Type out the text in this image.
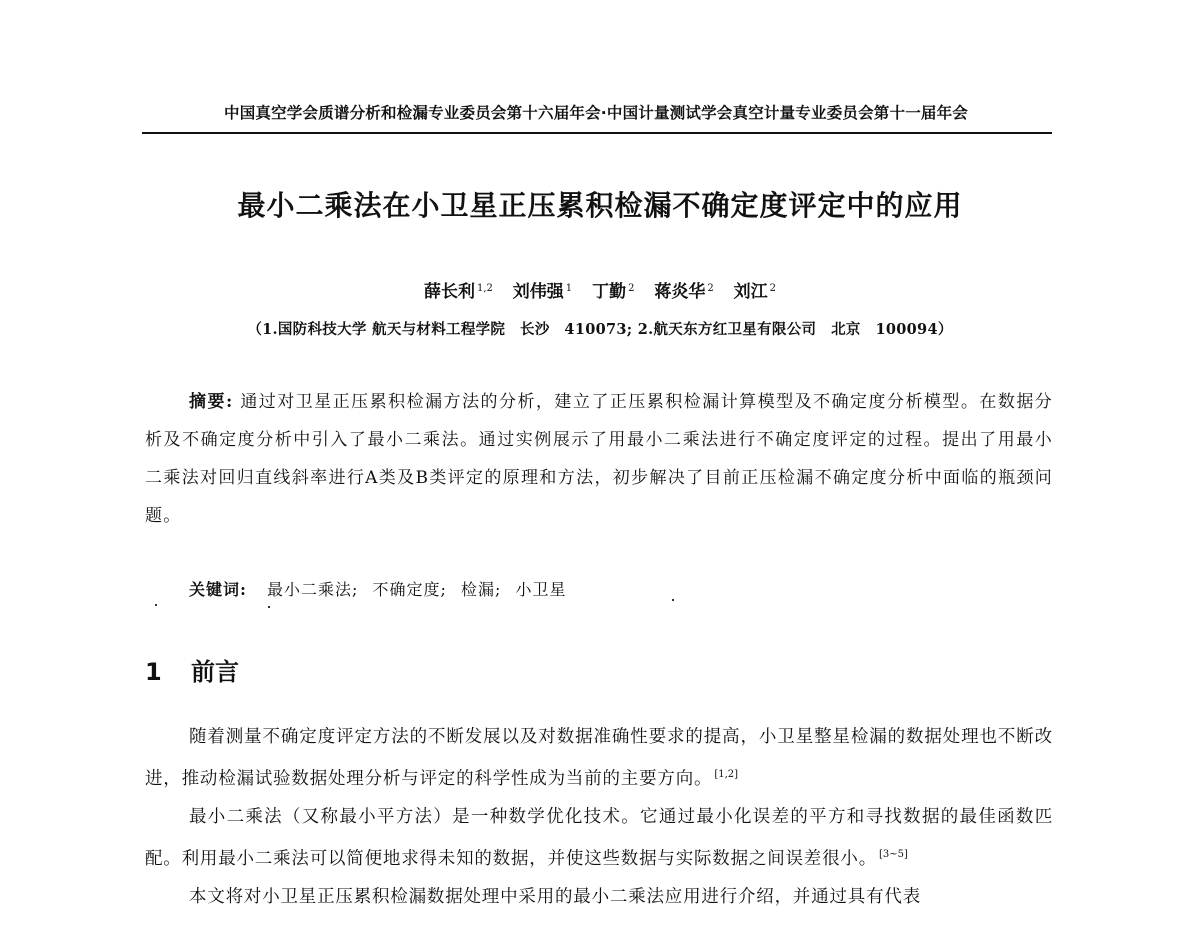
中国真空学会质谱分析和检漏专业委员会第十六届年会·中国计量测试学会真空计量专业委员会第十一届年会
最小二乘法在小卫星正压累积检漏不确定度评定中的应用
薛长利 $^{1,2}$ 刘伟强 $^1$ 丁勤 $^2$ 蒋炎华 $^2$ 刘江 $^2$
（1.国防科技大学 航天与材料工程学院　长沙　410073; 2.航天东方红卫星有限公司　北京　100094）

摘要: 通过对卫星正压累积检漏方法的分析，建立了正压累积检漏计算模型及不确定度分析模型。在数据分析及不确定度分析中引入了最小二乘法。通过实例展示了用最小二乘法进行不确定度评定的过程。提出了用最小二乘法对回归直线斜率进行A类及B类评定的原理和方法，初步解决了目前正压检漏不确定度分析中面临的瓶颈问题。

关键词: 最小二乘法; 不确定度; 检漏; 小卫星
1 前言

随着测量不确定度评定方法的不断发展以及对数据准确性要求的提高，小卫星整星检漏的数据处理也不断改进，推动检漏试验数据处理分析与评定的科学性成为当前的主要方向。 [1,2]

最小二乘法（又称最小平方法）是一种数学优化技术。它通过最小化误差的平方和寻找数据的最佳函数匹配。利用最小二乘法可以简便地求得未知的数据，并使这些数据与实际数据之间误差很小。 [3~5]

本文将对小卫星正压累积检漏数据处理中采用的最小二乘法应用进行介绍，并通过具有代表
